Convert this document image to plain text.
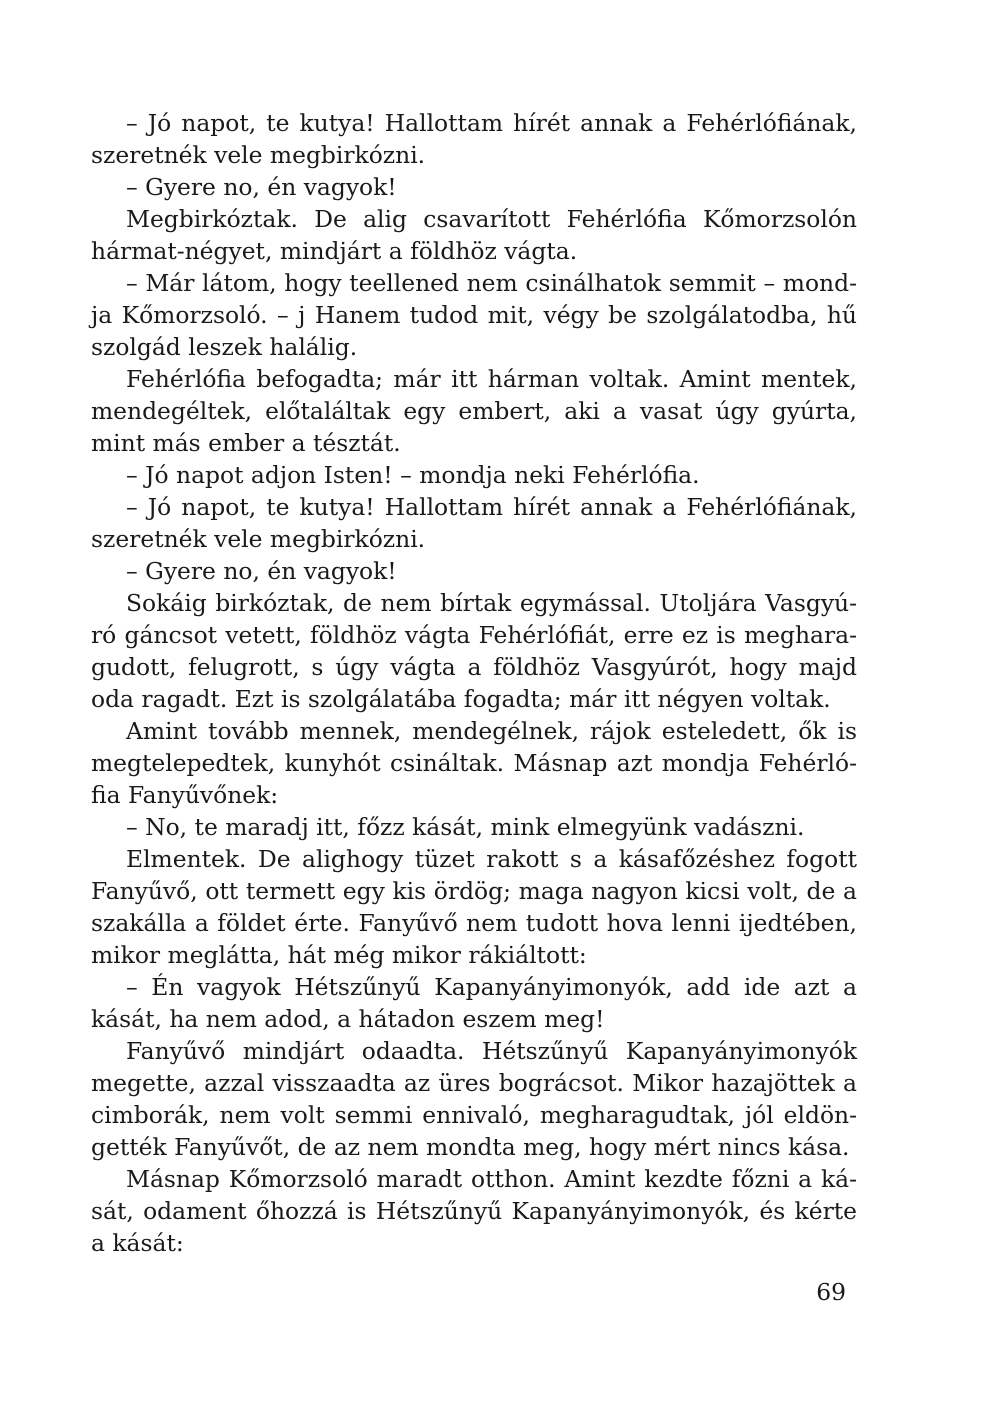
– Jó napot, te kutya! Hallottam hírét annak a Fehérlófiának,
szeretnék vele megbirkózni.
– Gyere no, én vagyok!
Megbirkóztak. De alig csavarított Fehérlófia Kőmorzsolón
hármat-négyet, mindjárt a földhöz vágta.
– Már látom, hogy teellened nem csinálhatok semmit – mond-
ja Kőmorzsoló. – j Hanem tudod mit, végy be szolgálatodba, hű
szolgád leszek halálig.
Fehérlófia befogadta; már itt hárman voltak. Amint mentek,
mendegéltek, előtaláltak egy embert, aki a vasat úgy gyúrta,
mint más ember a tésztát.
– Jó napot adjon Isten! – mondja neki Fehérlófia.
– Jó napot, te kutya! Hallottam hírét annak a Fehérlófiának,
szeretnék vele megbirkózni.
– Gyere no, én vagyok!
Sokáig birkóztak, de nem bírtak egymással. Utoljára Vasgyú-
ró gáncsot vetett, földhöz vágta Fehérlófiát, erre ez is meghara-
gudott, felugrott, s úgy vágta a földhöz Vasgyúrót, hogy majd
oda ragadt. Ezt is szolgálatába fogadta; már itt négyen voltak.
Amint tovább mennek, mendegélnek, rájok esteledett, ők is
megtelepedtek, kunyhót csináltak. Másnap azt mondja Fehérló-
fia Fanyűvőnek:
– No, te maradj itt, főzz kását, mink elmegyünk vadászni.
Elmentek. De alighogy tüzet rakott s a kásafőzéshez fogott
Fanyűvő, ott termett egy kis ördög; maga nagyon kicsi volt, de a
szakálla a földet érte. Fanyűvő nem tudott hova lenni ijedtében,
mikor meglátta, hát még mikor rákiáltott:
– Én vagyok Hétszűnyű Kapanyányimonyók, add ide azt a
kását, ha nem adod, a hátadon eszem meg!
Fanyűvő mindjárt odaadta. Hétszűnyű Kapanyányimonyók
megette, azzal visszaadta az üres bográcsot. Mikor hazajöttek a
cimborák, nem volt semmi ennivaló, megharagudtak, jól eldön-
gették Fanyűvőt, de az nem mondta meg, hogy mért nincs kása.
Másnap Kőmorzsoló maradt otthon. Amint kezdte főzni a ká-
sát, odament őhozzá is Hétszűnyű Kapanyányimonyók, és kérte
a kását:
69
